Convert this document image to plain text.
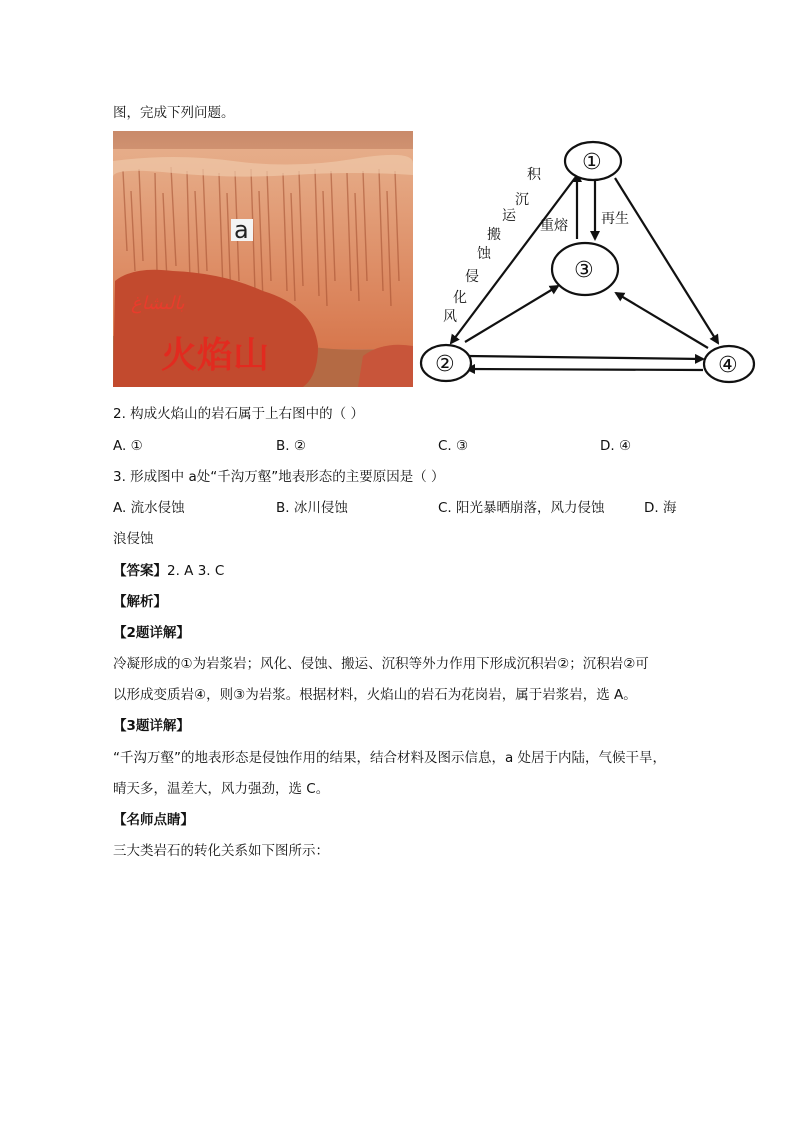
图，完成下列问题。
a
بالىشاغ
火焰山
①
③
②	④
积
沉
运
搬
蚀
侵
化
风
重熔 再生
2. 构成火焰山的岩石属于上右图中的（ ）
A. ①	B. ②	C. ③	D. ④
3. 形成图中 a处“千沟万壑”地表形态的主要原因是（ ）
A. 流水侵蚀	B. 冰川侵蚀	C. 阳光暴晒崩落，风力侵蚀	D. 海
浪侵蚀
【答案】2. A 3. C
【解析】
【2题详解】
冷凝形成的①为岩浆岩；风化、侵蚀、搬运、沉积等外力作用下形成沉积岩②；沉积岩②可
以形成变质岩④，则③为岩浆。根据材料，火焰山的岩石为花岗岩，属于岩浆岩，选 A。
【3题详解】
“千沟万壑”的地表形态是侵蚀作用的结果，结合材料及图示信息，a 处居于内陆，气候干旱，
晴天多，温差大，风力强劲，选 C。
【名师点睛】
三大类岩石的转化关系如下图所示：
